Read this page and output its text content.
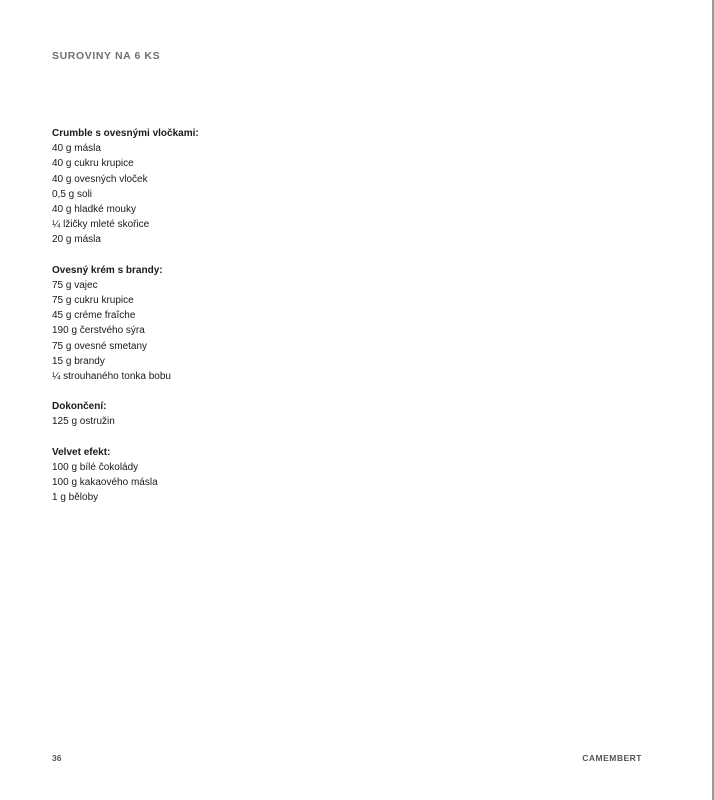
SUROVINY NA 6 KS
Crumble s ovesnými vločkami:
40 g másla
40 g cukru krupice
40 g ovesných vloček
0,5 g soli
40 g hladké mouky
¼ lžičky mleté skořice
20 g másla
Ovesný krém s brandy:
75 g vajec
75 g cukru krupice
45 g créme fraîche
190 g čerstvého sýra
75 g ovesné smetany
15 g brandy
¼ strouhaného tonka bobu
Dokončení:
125 g ostružin
Velvet efekt:
100 g bílé čokolády
100 g kakaového másla
1 g běloby
36	CAMEMBERT
